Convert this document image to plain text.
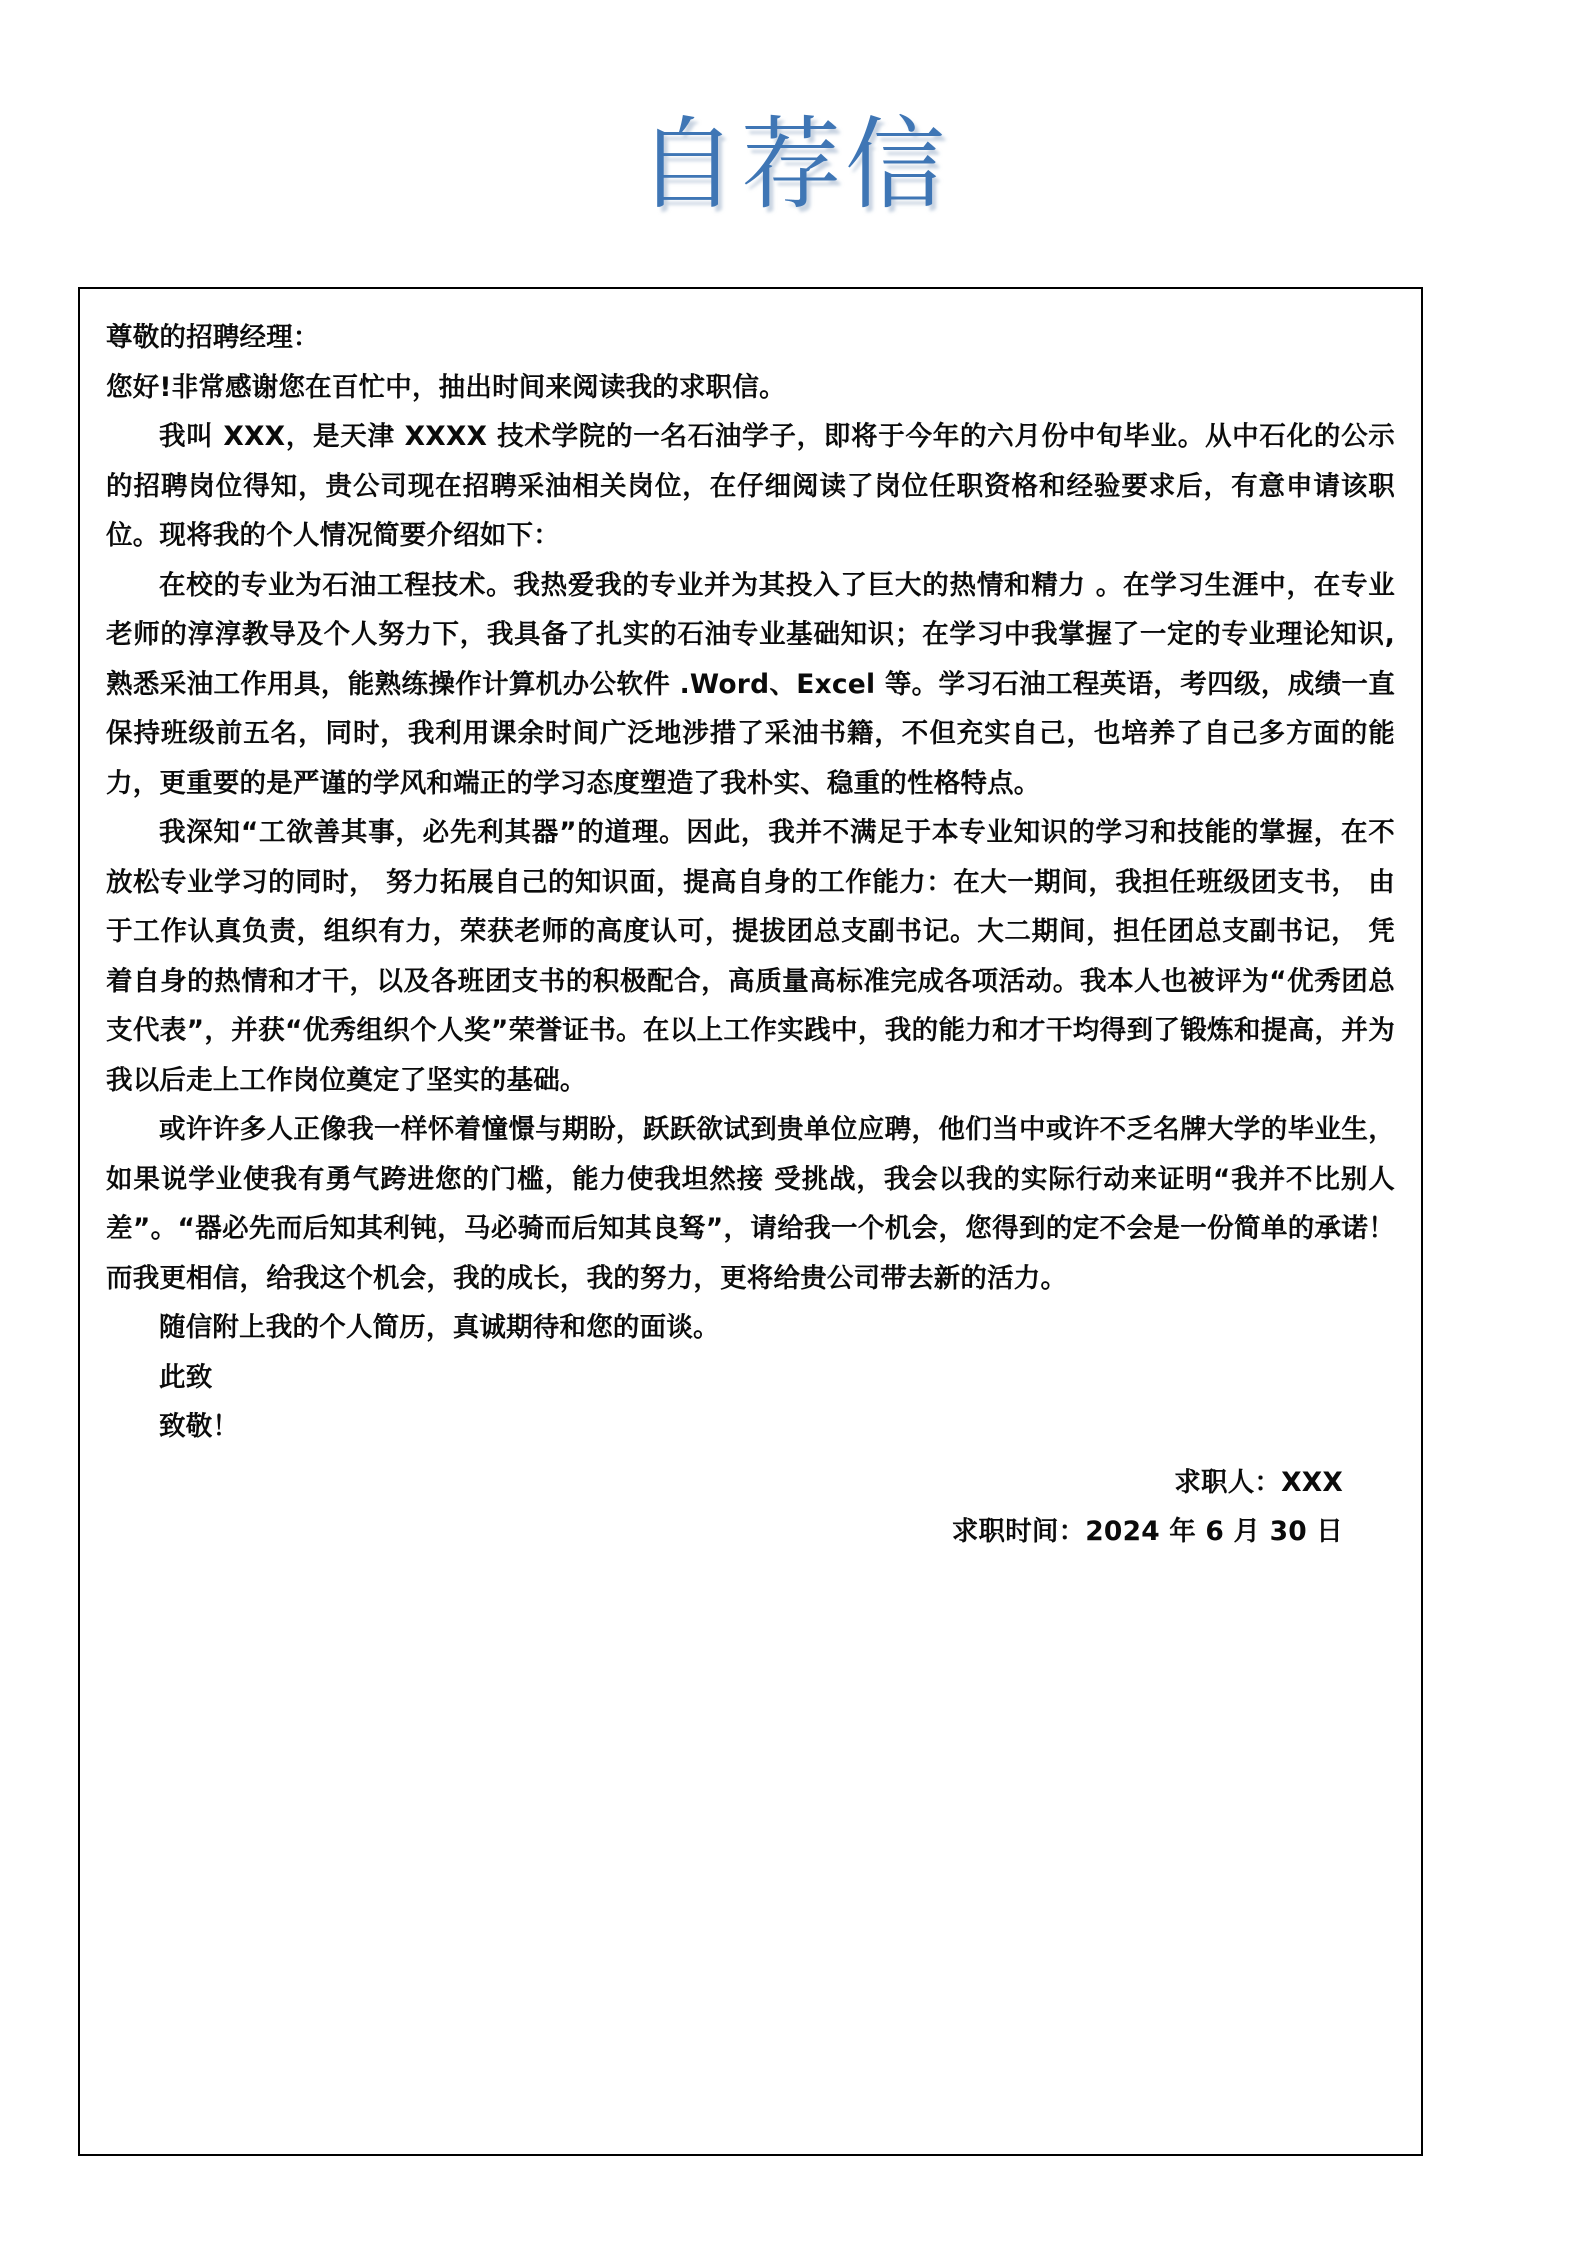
自荐信

尊敬的招聘经理：

您好!非常感谢您在百忙中，抽出时间来阅读我的求职信。

我叫 XXX，是天津 XXXX 技术学院的一名石油学子，即将于今年的六月份中旬毕业。从中石化的公示的招聘岗位得知，贵公司现在招聘采油相关岗位，在仔细阅读了岗位任职资格和经验要求后，有意申请该职位。现将我的个人情况简要介绍如下：

在校的专业为石油工程技术。我热爱我的专业并为其投入了巨大的热情和精力 。在学习生涯中，在专业老师的淳淳教导及个人努力下，我具备了扎实的石油专业基础知识；在学习中我掌握了一定的专业理论知识, 熟悉采油工作用具，能熟练操作计算机办公软件 .Word、Excel 等。学习石油工程英语，考四级，成绩一直保持班级前五名，同时，我利用课余时间广泛地涉措了采油书籍，不但充实自己，也培养了自己多方面的能力，更重要的是严谨的学风和端正的学习态度塑造了我朴实、稳重的性格特点。

我深知“工欲善其事，必先利其器”的道理。因此，我并不满足于本专业知识的学习和技能的掌握，在不放松专业学习的同时， 努力拓展自己的知识面，提高自身的工作能力：在大一期间，我担任班级团支书， 由于工作认真负责，组织有力，荣获老师的高度认可，提拔团总支副书记。大二期间，担任团总支副书记， 凭着自身的热情和才干，以及各班团支书的积极配合，高质量高标准完成各项活动。我本人也被评为“优秀团总支代表”，并获“优秀组织个人奖”荣誉证书。在以上工作实践中，我的能力和才干均得到了锻炼和提高，并为我以后走上工作岗位奠定了坚实的基础。

或许许多人正像我一样怀着憧憬与期盼，跃跃欲试到贵单位应聘，他们当中或许不乏名牌大学的毕业生，如果说学业使我有勇气跨进您的门槛，能力使我坦然接 受挑战，我会以我的实际行动来证明“我并不比别人差”。“器必先而后知其利钝，马必骑而后知其良驽”，请给我一个机会，您得到的定不会是一份简单的承诺！而我更相信，给我这个机会，我的成长，我的努力，更将给贵公司带去新的活力。

随信附上我的个人简历，真诚期待和您的面谈。

此致

致敬！

求职人：XXX
求职时间：2024 年 6 月 30 日
